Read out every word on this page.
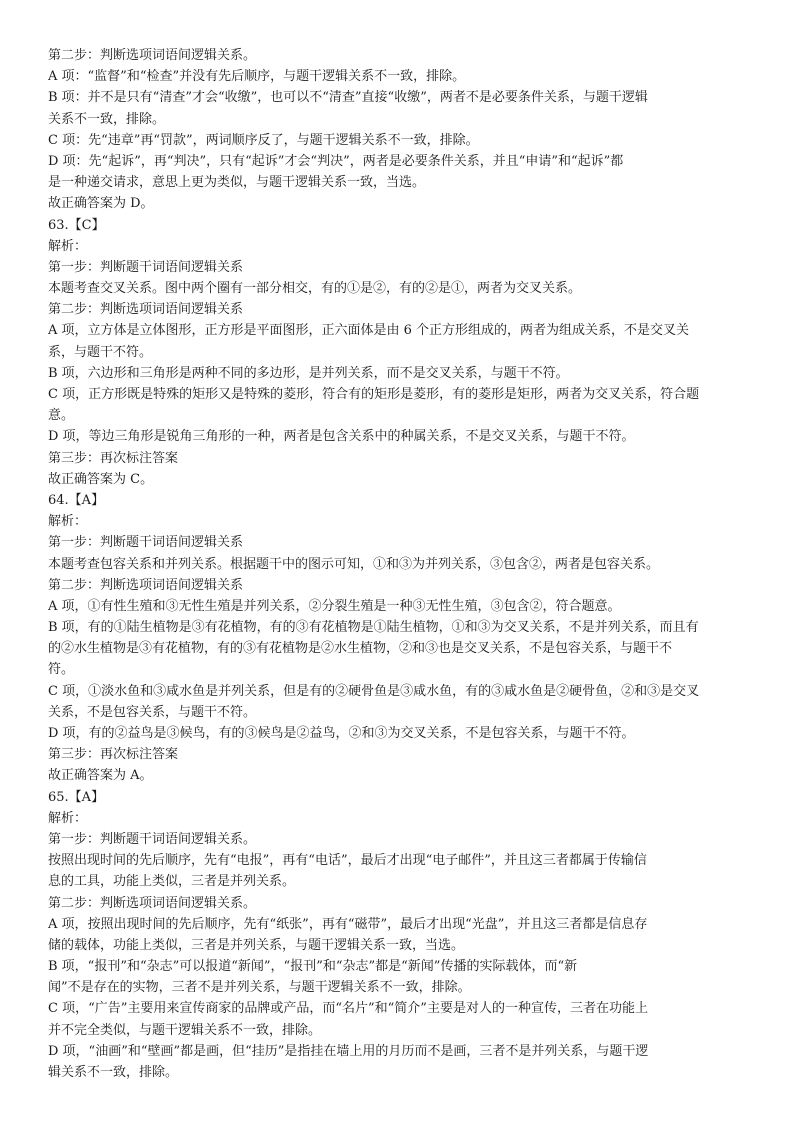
第二步：判断选项词语间逻辑关系。
A 项：“监督”和“检查”并没有先后顺序，与题干逻辑关系不一致，排除。
B 项：并不是只有“清查”才会“收缴”，也可以不“清查”直接“收缴”，两者不是必要条件关系，与题干逻辑
关系不一致，排除。
C 项：先“违章”再“罚款”，两词顺序反了，与题干逻辑关系不一致，排除。
D 项：先“起诉”，再“判决”，只有“起诉”才会“判决”，两者是必要条件关系，并且“申请”和“起诉”都
是一种递交请求，意思上更为类似，与题干逻辑关系一致，当选。
故正确答案为 D。
63.【C】
解析：
第一步：判断题干词语间逻辑关系
本题考查交叉关系。图中两个圈有一部分相交，有的①是②，有的②是①，两者为交叉关系。
第二步：判断选项词语间逻辑关系
A 项，立方体是立体图形，正方形是平面图形，正六面体是由 6 个正方形组成的，两者为组成关系，不是交叉关
系，与题干不符。
B 项，六边形和三角形是两种不同的多边形，是并列关系，而不是交叉关系，与题干不符。
C 项，正方形既是特殊的矩形又是特殊的菱形，符合有的矩形是菱形，有的菱形是矩形，两者为交叉关系，符合题
意。
D 项，等边三角形是锐角三角形的一种，两者是包含关系中的种属关系，不是交叉关系，与题干不符。
第三步：再次标注答案
故正确答案为 C。
64.【A】
解析：
第一步：判断题干词语间逻辑关系
本题考查包容关系和并列关系。根据题干中的图示可知，①和③为并列关系，③包含②，两者是包容关系。
第二步：判断选项词语间逻辑关系
A 项，①有性生殖和③无性生殖是并列关系，②分裂生殖是一种③无性生殖，③包含②，符合题意。
B 项，有的①陆生植物是③有花植物，有的③有花植物是①陆生植物，①和③为交叉关系，不是并列关系，而且有
的②水生植物是③有花植物，有的③有花植物是②水生植物，②和③也是交叉关系，不是包容关系，与题干不
符。
C 项，①淡水鱼和③咸水鱼是并列关系，但是有的②硬骨鱼是③咸水鱼，有的③咸水鱼是②硬骨鱼，②和③是交叉
关系，不是包容关系，与题干不符。
D 项，有的②益鸟是③候鸟，有的③候鸟是②益鸟，②和③为交叉关系，不是包容关系，与题干不符。
第三步：再次标注答案
故正确答案为 A。
65.【A】
解析：
第一步：判断题干词语间逻辑关系。
按照出现时间的先后顺序，先有“电报”，再有“电话”，最后才出现“电子邮件”，并且这三者都属于传输信
息的工具，功能上类似，三者是并列关系。
第二步：判断选项词语间逻辑关系。
A 项，按照出现时间的先后顺序，先有“纸张”，再有“磁带”，最后才出现“光盘”，并且这三者都是信息存
储的载体，功能上类似，三者是并列关系，与题干逻辑关系一致，当选。
B 项，“报刊”和“杂志”可以报道“新闻”，“报刊”和“杂志”都是“新闻”传播的实际载体，而“新
闻”不是存在的实物，三者不是并列关系，与题干逻辑关系不一致，排除。
C 项，“广告”主要用来宣传商家的品牌或产品，而“名片”和“简介”主要是对人的一种宣传，三者在功能上
并不完全类似，与题干逻辑关系不一致，排除。
D 项，“油画”和“壁画”都是画，但“挂历”是指挂在墙上用的月历而不是画，三者不是并列关系，与题干逻
辑关系不一致，排除。
